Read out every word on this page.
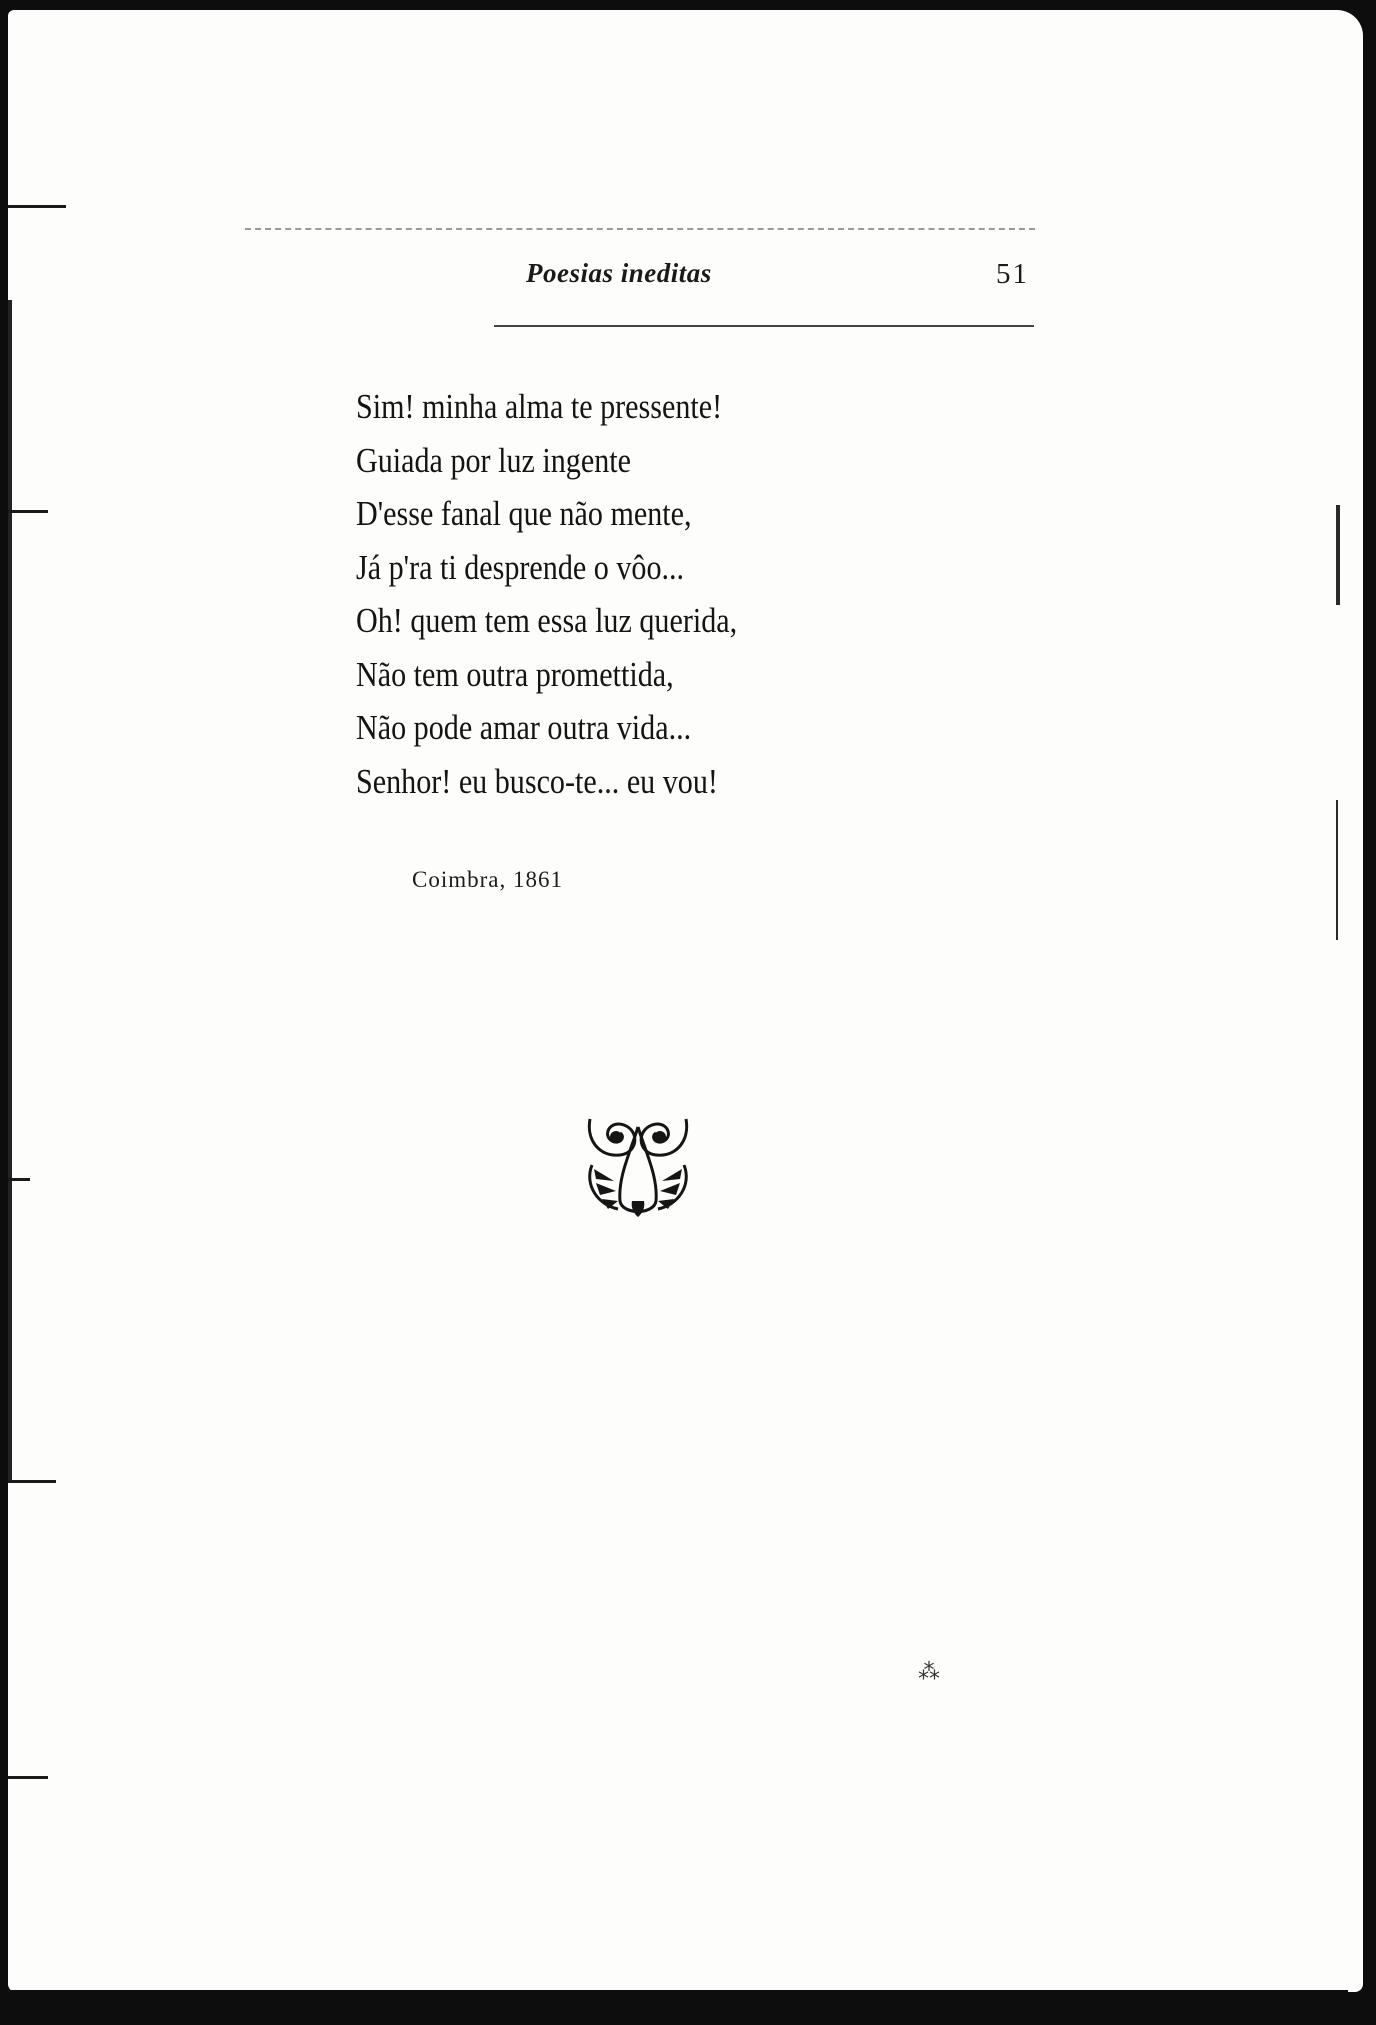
Poesias ineditas	51
Sim! minha alma te pressente!
Guiada por luz ingente
D'esse fanal que não mente,
Já p'ra ti desprende o vôo...
Oh! quem tem essa luz querida,
Não tem outra promettida,
Não pode amar outra vida...
Senhor! eu busco-te... eu vou!
Coimbra, 1861
⁂
